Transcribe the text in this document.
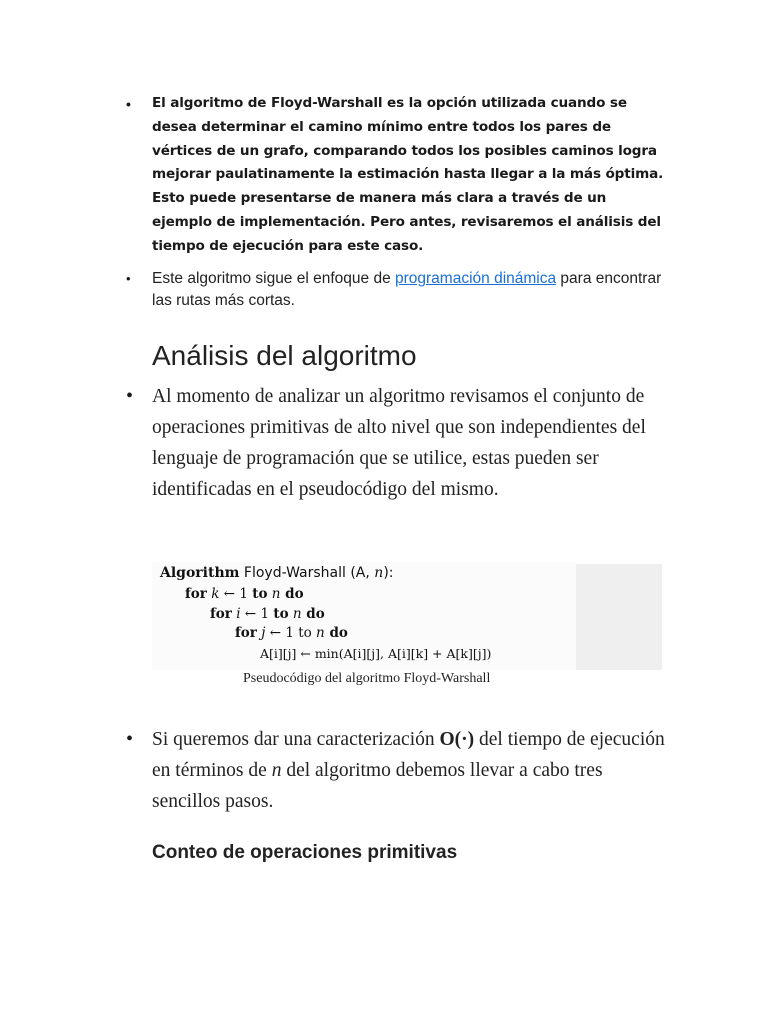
•	El algoritmo de Floyd-Warshall es la opción utilizada cuando se desea determinar el camino mínimo entre todos los pares de vértices de un grafo, comparando todos los posibles caminos logra mejorar paulatinamente la estimación hasta llegar a la más óptima. Esto puede presentarse de manera más clara a través de un ejemplo de implementación. Pero antes, revisaremos el análisis del tiempo de ejecución para este caso.
•	Este algoritmo sigue el enfoque de programación dinámica para encontrar las rutas más cortas.
Análisis del algoritmo
• Al momento de analizar un algoritmo revisamos el conjunto de operaciones primitivas de alto nivel que son independientes del lenguaje de programación que se utilice, estas pueden ser identificadas en el pseudocódigo del mismo.
Algorithm Floyd-Warshall (A, n):
for k ← 1 to n do
for i ← 1 to n do
for j ← 1 to n do
A[i][j] ← min(A[i][j], A[i][k] + A[k][j])
Pseudocódigo del algoritmo Floyd-Warshall
• Si queremos dar una caracterización O(·) del tiempo de ejecución en términos de n del algoritmo debemos llevar a cabo tres sencillos pasos.
Conteo de operaciones primitivas
